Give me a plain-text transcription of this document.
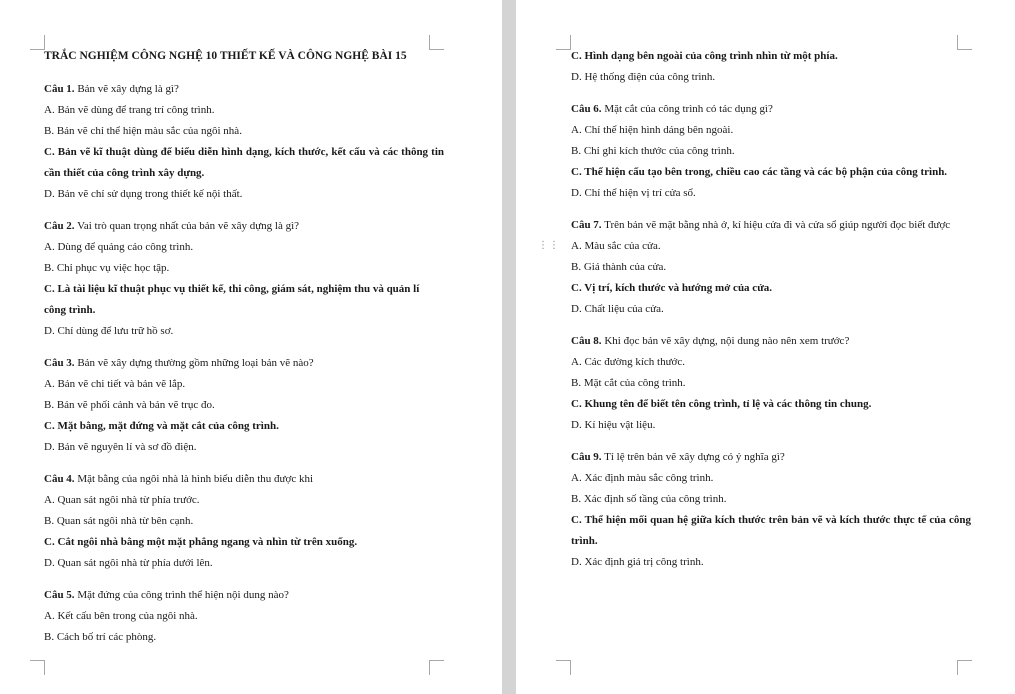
TRẮC NGHIỆM CÔNG NGHỆ 10 THIẾT KẾ VÀ CÔNG NGHỆ BÀI 15
Câu 1. Bản vẽ xây dựng là gì?
A. Bản vẽ dùng để trang trí công trình.
B. Bản vẽ chỉ thể hiện màu sắc của ngôi nhà.
C. Bản vẽ kĩ thuật dùng để biểu diễn hình dạng, kích thước, kết cấu và các thông tin cần thiết của công trình xây dựng.
D. Bản vẽ chỉ sử dụng trong thiết kế nội thất.
Câu 2. Vai trò quan trọng nhất của bản vẽ xây dựng là gì?
A. Dùng để quảng cáo công trình.
B. Chỉ phục vụ việc học tập.
C. Là tài liệu kĩ thuật phục vụ thiết kế, thi công, giám sát, nghiệm thu và quản lí công trình.
D. Chỉ dùng để lưu trữ hồ sơ.
Câu 3. Bản vẽ xây dựng thường gồm những loại bản vẽ nào?
A. Bản vẽ chi tiết và bản vẽ lắp.
B. Bản vẽ phối cảnh và bản vẽ trục đo.
C. Mặt bằng, mặt đứng và mặt cắt của công trình.
D. Bản vẽ nguyên lí và sơ đồ điện.
Câu 4. Mặt bằng của ngôi nhà là hình biểu diễn thu được khi
A. Quan sát ngôi nhà từ phía trước.
B. Quan sát ngôi nhà từ bên cạnh.
C. Cắt ngôi nhà bằng một mặt phẳng ngang và nhìn từ trên xuống.
D. Quan sát ngôi nhà từ phía dưới lên.
Câu 5. Mặt đứng của công trình thể hiện nội dung nào?
A. Kết cấu bên trong của ngôi nhà.
B. Cách bố trí các phòng.
⋮⋮
C. Hình dạng bên ngoài của công trình nhìn từ một phía.
D. Hệ thống điện của công trình.
Câu 6. Mặt cắt của công trình có tác dụng gì?
A. Chỉ thể hiện hình dáng bên ngoài.
B. Chỉ ghi kích thước của công trình.
C. Thể hiện cấu tạo bên trong, chiều cao các tầng và các bộ phận của công trình.
D. Chỉ thể hiện vị trí cửa sổ.
Câu 7. Trên bản vẽ mặt bằng nhà ở, kí hiệu cửa đi và cửa sổ giúp người đọc biết được
A. Màu sắc của cửa.
B. Giá thành của cửa.
C. Vị trí, kích thước và hướng mở của cửa.
D. Chất liệu của cửa.
Câu 8. Khi đọc bản vẽ xây dựng, nội dung nào nên xem trước?
A. Các đường kích thước.
B. Mặt cắt của công trình.
C. Khung tên để biết tên công trình, tỉ lệ và các thông tin chung.
D. Kí hiệu vật liệu.
Câu 9. Tỉ lệ trên bản vẽ xây dựng có ý nghĩa gì?
A. Xác định màu sắc công trình.
B. Xác định số tầng của công trình.
C. Thể hiện mối quan hệ giữa kích thước trên bản vẽ và kích thước thực tế của công trình.
D. Xác định giá trị công trình.
